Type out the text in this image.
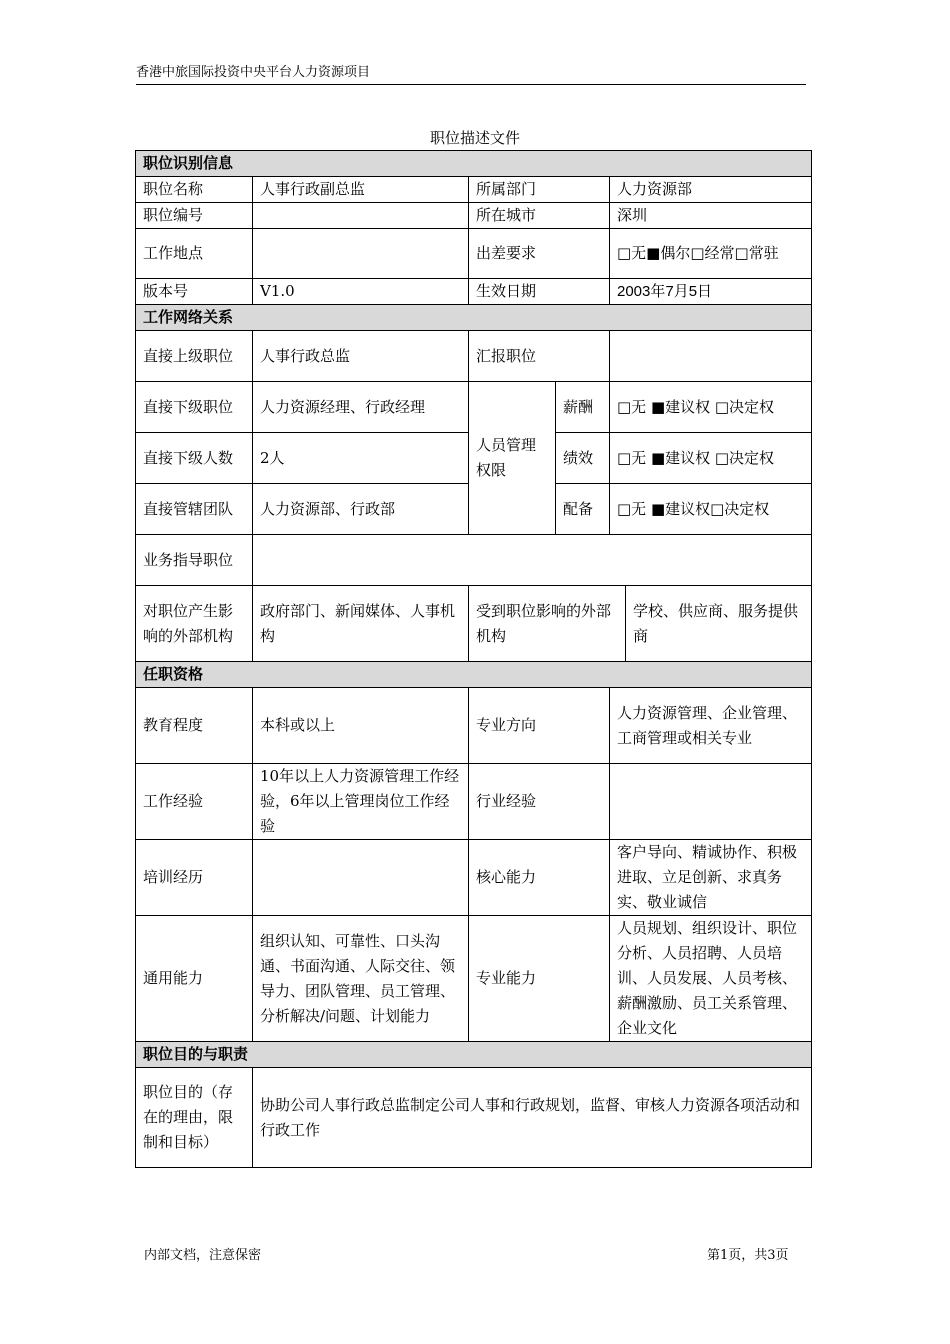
香港中旅国际投资中央平台人力资源项目
职位描述文件
职位识别信息					
职位名称	人事行政副总监	所属部门		人力资源部	
职位编号		所在城市		深圳	
工作地点		出差要求		□无■偶尔□经常□常驻	
版本号	V1.0	生效日期		2003年7月5日	
工作网络关系					
直接上级职位	人事行政总监	汇报职位			
直接下级职位	人力资源经理、行政经理	人员管理权限	薪酬	□无 ■建议权 □决定权	
直接下级人数	2人		绩效	□无 ■建议权 □决定权	
直接管辖团队	人力资源部、行政部		配备	□无 ■建议权□决定权	
业务指导职位					
对职位产生影响的外部机构	政府部门、新闻媒体、人事机构	受到职位影响的外部机构			学校、供应商、服务提供商
任职资格					
教育程度	本科或以上	专业方向		人力资源管理、企业管理、工商管理或相关专业	
工作经验	10年以上人力资源管理工作经验，6年以上管理岗位工作经验	行业经验			
培训经历		核心能力		客户导向、精诚协作、积极进取、立足创新、求真务实、敬业诚信	
通用能力	组织认知、可靠性、口头沟通、书面沟通、人际交往、领导力、团队管理、员工管理、分析解决/问题、计划能力	专业能力		人员规划、组织设计、职位分析、人员招聘、人员培训、人员发展、人员考核、薪酬激励、员工关系管理、企业文化	
职位目的与职责					
职位目的（存在的理由，限制和目标）	协助公司人事行政总监制定公司人事和行政规划，监督、审核人力资源各项活动和行政工作				
内部文档，注意保密	第1页，共3页
